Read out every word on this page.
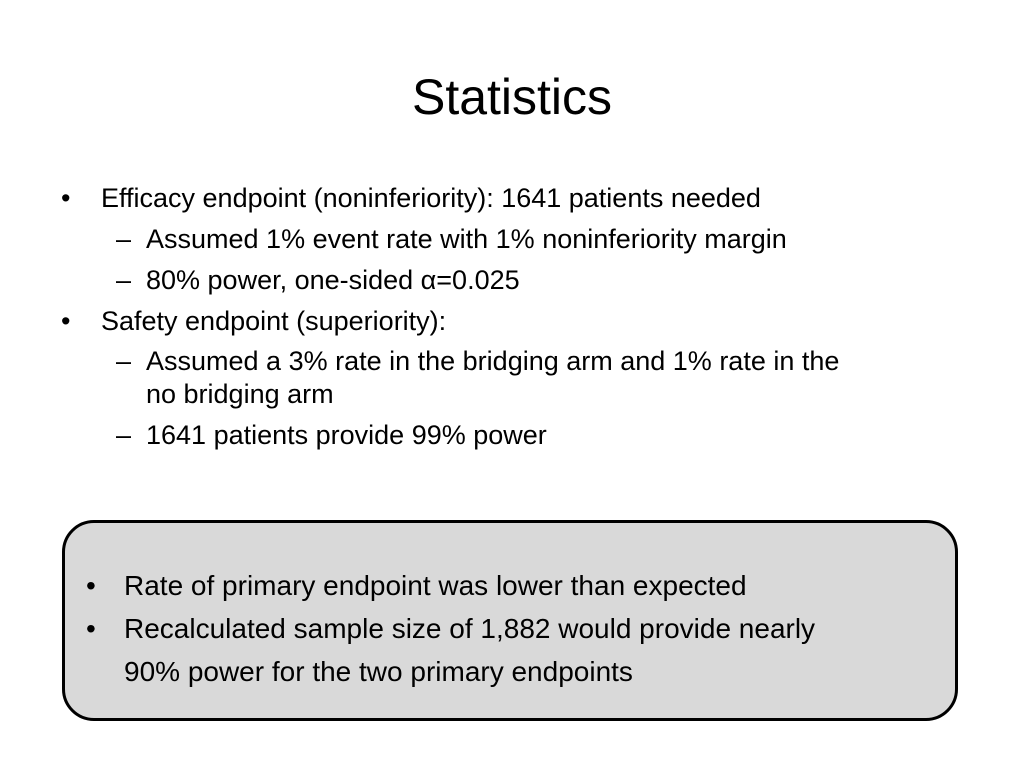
Statistics
• Efficacy endpoint (noninferiority): 1641 patients needed
– Assumed 1% event rate with 1% noninferiority margin
– 80% power, one-sided α=0.025
• Safety endpoint (superiority):
– Assumed a 3% rate in the bridging arm and 1% rate in the
no bridging arm
– 1641 patients provide 99% power
• Rate of primary endpoint was lower than expected
• Recalculated sample size of 1,882 would provide nearly
90% power for the two primary endpoints
